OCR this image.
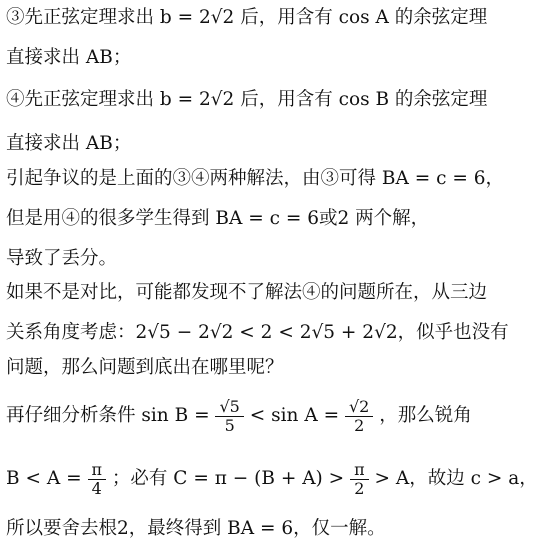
③先正弦定理求出 b = 2√2 后，用含有 cos A 的余弦定理
直接求出 AB；
④先正弦定理求出 b = 2√2 后，用含有 cos B 的余弦定理
直接求出 AB；
引起争议的是上面的③④两种解法，由③可得 BA = c = 6，
但是用④的很多学生得到 BA = c = 6或2 两个解，
导致了丢分。
如果不是对比，可能都发现不了解法④的问题所在，从三边
关系角度考虑：2√5 − 2√2 < 2 < 2√5 + 2√2，似乎也没有
问题，那么问题到底出在哪里呢？
再仔细分析条件 $\sin B = \frac{√5}{5} < \sin A = \frac{√2}{2}$ ，那么锐角
$B < A = \frac{\pi}{4}$ ；必有 $C = \pi - (B + A) > \frac{\pi}{2} > A$，故边 c > a，
所以要舍去根2，最终得到 BA = 6，仅一解。
